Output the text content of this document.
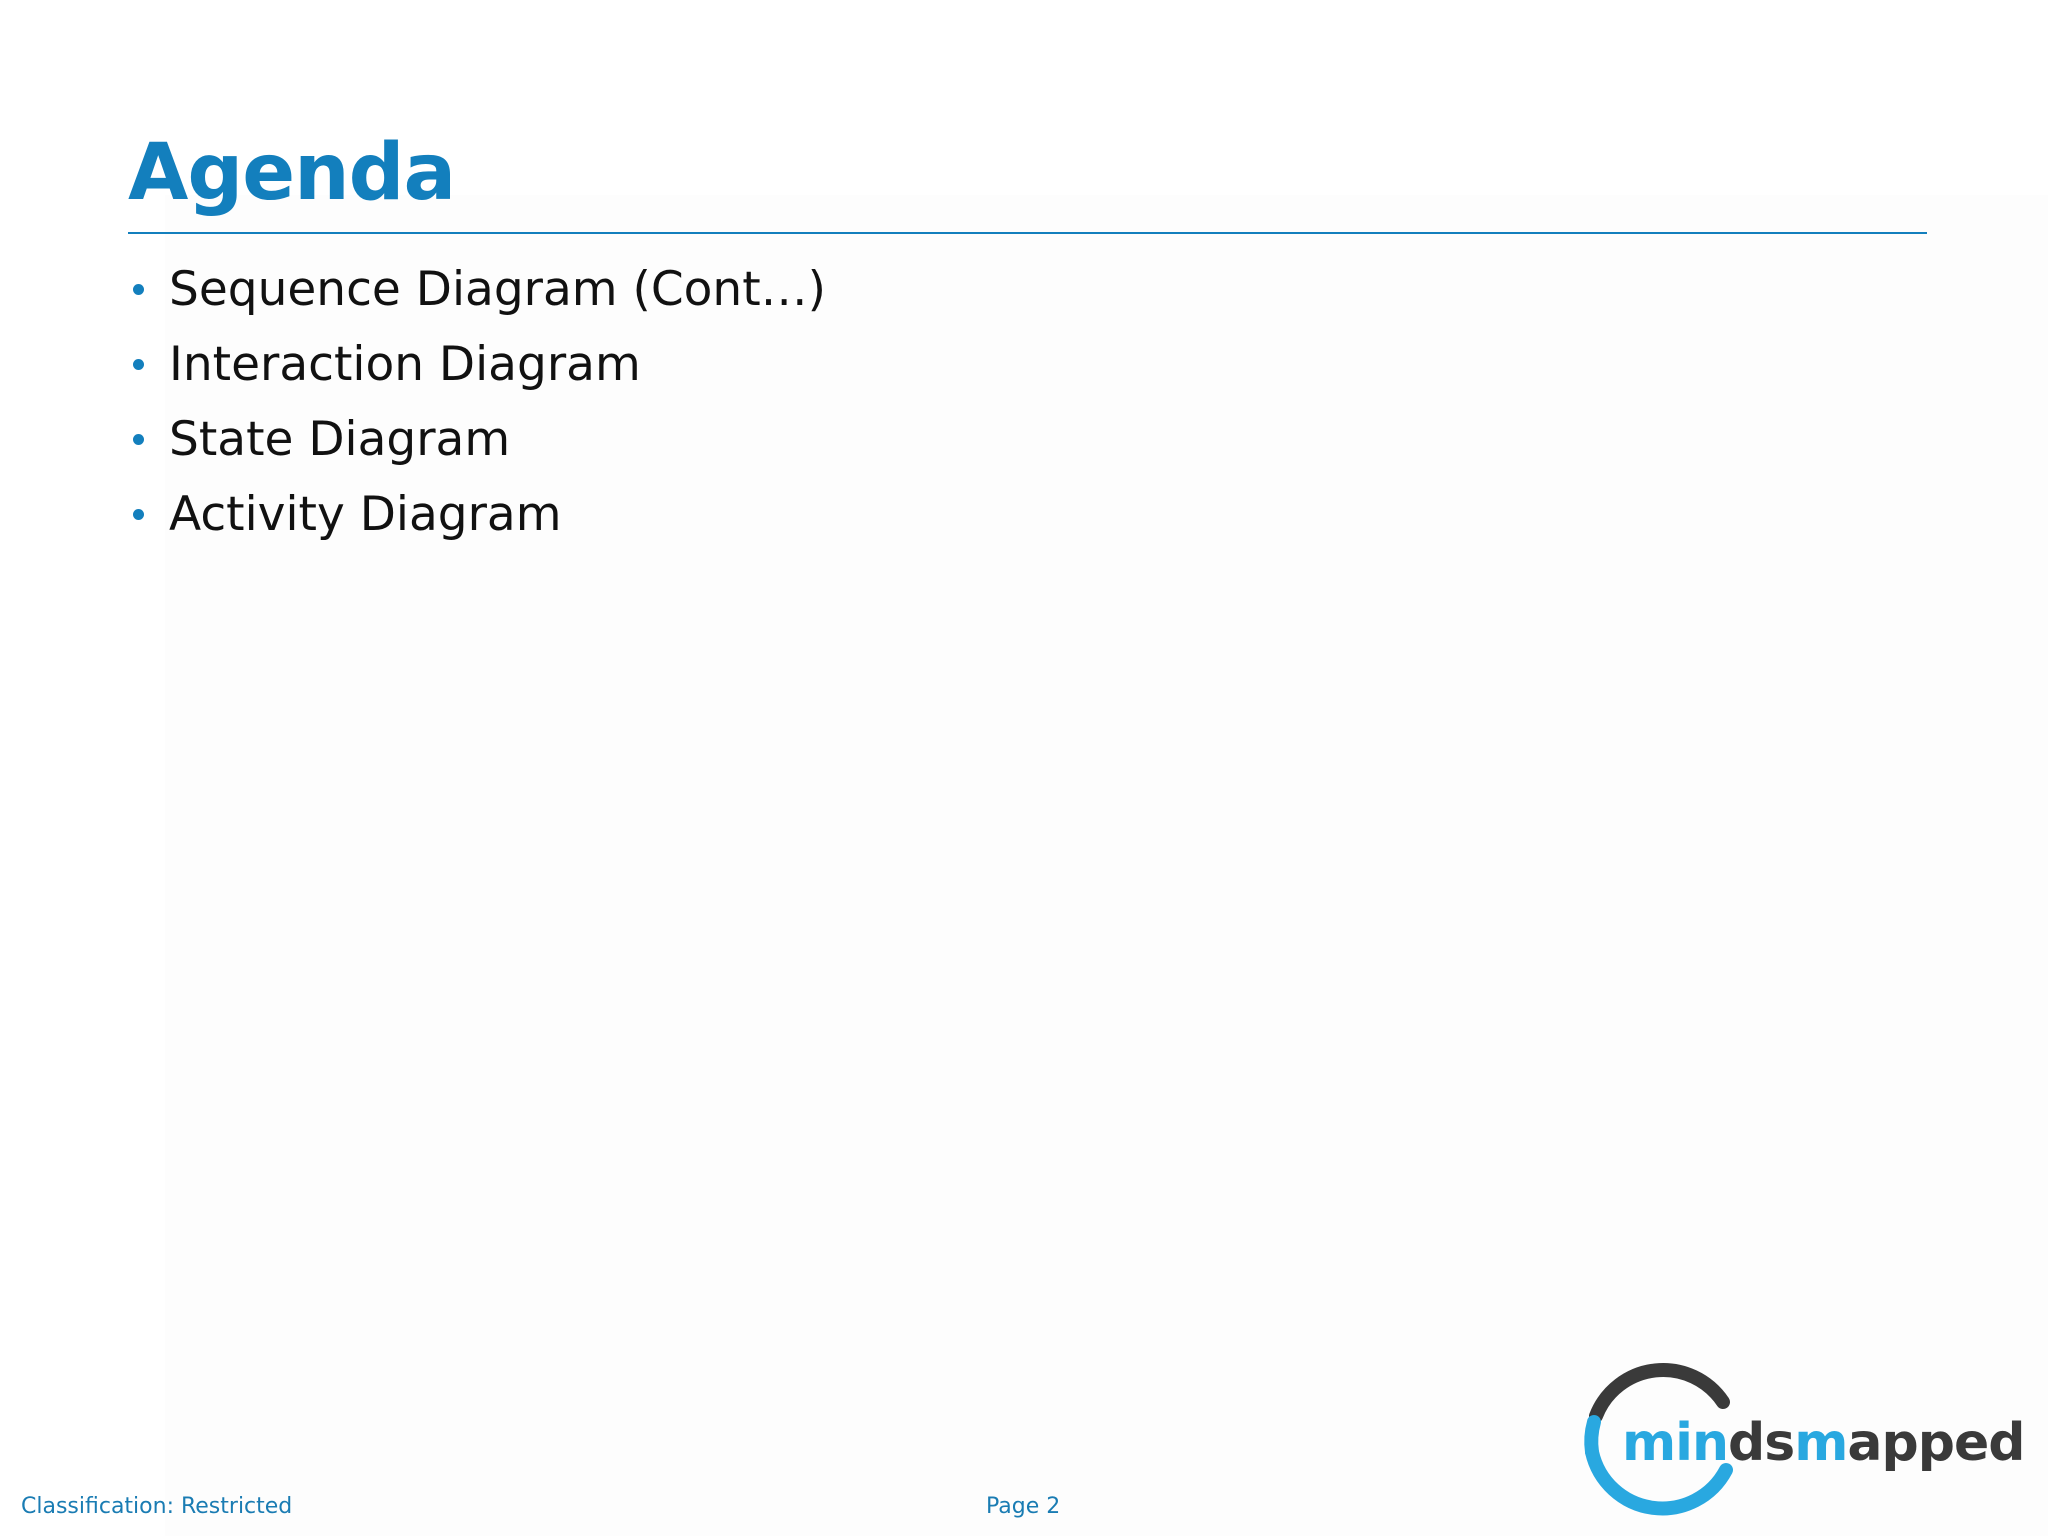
Agenda
Sequence Diagram (Cont…)
Interaction Diagram
State Diagram
Activity Diagram
Classification: Restricted	Page 2
mindsmapped
